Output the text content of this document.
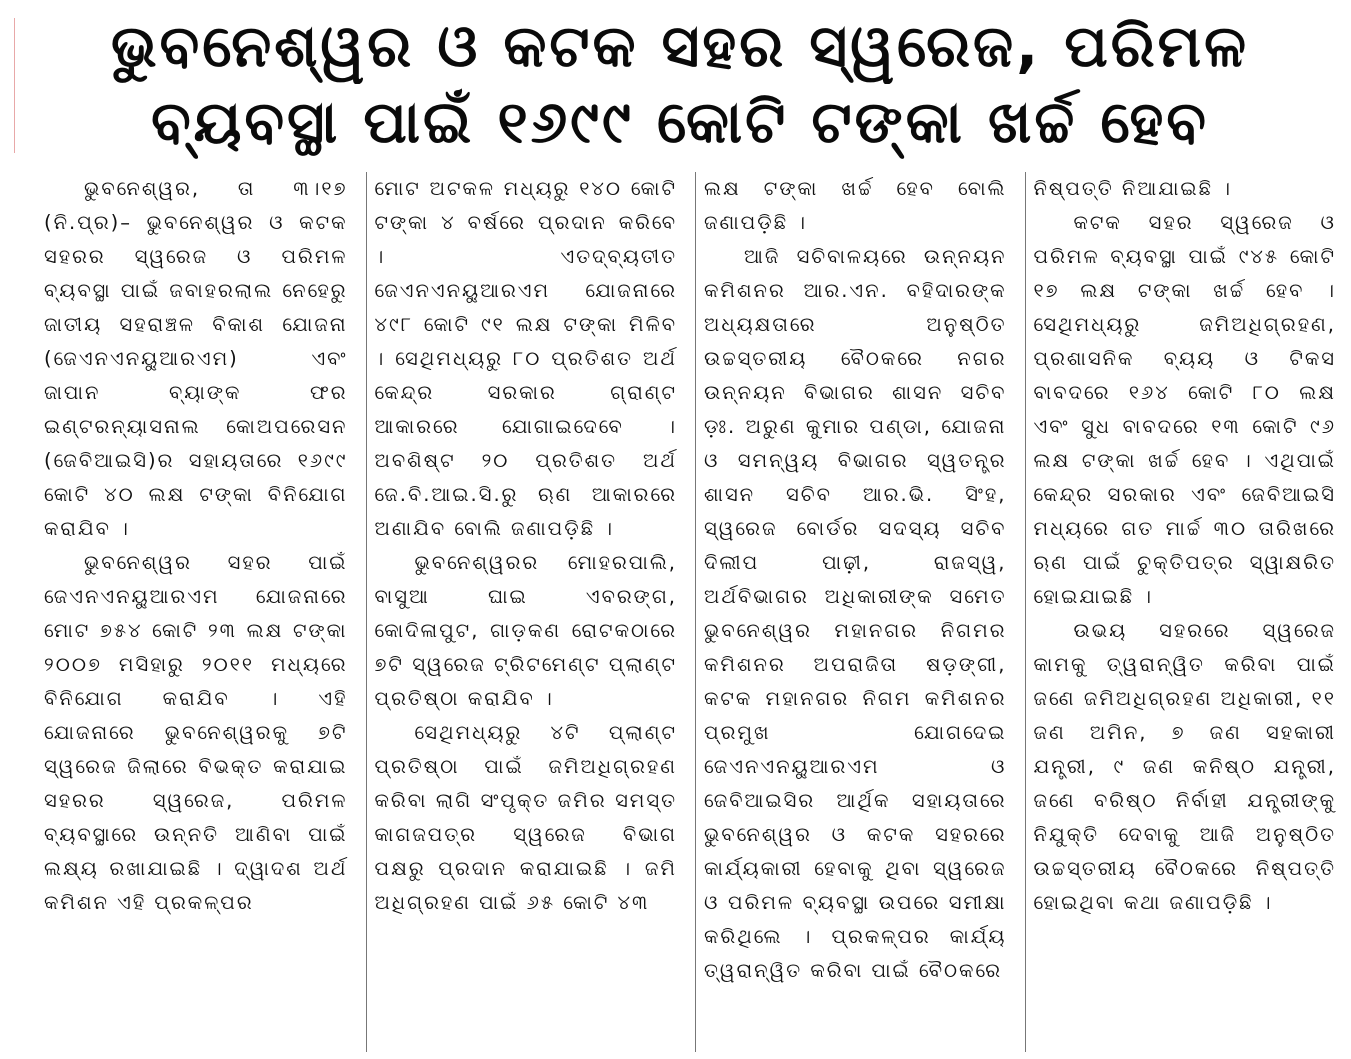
ଭୁବନେଶ୍ୱର ଓ କଟକ ସହର ସ୍ୱରେଜ, ପରିମଳ
ବ୍ୟବସ୍ଥା ପାଇଁ ୧୬୯୯ କୋଟି ଟଙ୍କା ଖର୍ଚ୍ଚ ହେବ

ଭୁବନେଶ୍ୱର, ତା ୩।୧୭ (ନି.ପ୍ର)– ଭୁବନେଶ୍ୱର ଓ କଟକ ସହରର ସ୍ୱରେଜ ଓ ପରିମଳ ବ୍ୟବସ୍ଥା ପାଇଁ ଜବାହରଲାଲ ନେହେରୁ ଜାତୀୟ ସହରାଞ୍ଚଳ ବିକାଶ ଯୋଜନା (ଜେଏନଏନୟୁଆରଏମ) ଏବଂ ଜାପାନ ବ୍ୟାଙ୍କ ଫର ଇଣ୍ଟରନ୍ୟାସନାଲ କୋଅପରେସନ (ଜେବିଆଇସି)ର ସହାୟତାରେ ୧୬୯୯ କୋଟି ୪୦ ଲକ୍ଷ ଟଙ୍କା ବିନିଯୋଗ କରାଯିବ ।

ଭୁବନେଶ୍ୱର ସହର ପାଇଁ ଜେଏନଏନୟୁଆରଏମ ଯୋଜନାରେ ମୋଟ ୭୫୪ କୋଟି ୨୩ ଲକ୍ଷ ଟଙ୍କା ୨୦୦୭ ମସିହାରୁ ୨୦୧୧ ମଧ୍ୟରେ ବିନିଯୋଗ କରାଯିବ । ଏହି ଯୋଜନାରେ ଭୁବନେଶ୍ୱରକୁ ୭ଟି ସ୍ୱରେଜ ଜିଲାରେ ବିଭକ୍ତ କରାଯାଇ ସହରର ସ୍ୱରେଜ, ପରିମଳ ବ୍ୟବସ୍ଥାରେ ଉନ୍ନତି ଆଣିବା ପାଇଁ ଲକ୍ଷ୍ୟ ରଖାଯାଇଛି । ଦ୍ୱାଦଶ ଅର୍ଥ କମିଶନ ଏହି ପ୍ରକଳ୍ପର

ମୋଟ ଅଟକଳ ମଧ୍ୟରୁ ୧୪୦ କୋଟି ଟଙ୍କା ୪ ବର୍ଷରେ ପ୍ରଦାନ କରିବେ । ଏତଦ୍‌ବ୍ୟତୀତ ଜେଏନଏନୟୁଆରଏମ ଯୋଜନାରେ ୪୯୮ କୋଟି ୯୧ ଲକ୍ଷ ଟଙ୍କା ମିଳିବ । ସେଥିମଧ୍ୟରୁ ୮୦ ପ୍ରତିଶତ ଅର୍ଥ କେନ୍ଦ୍ର ସରକାର ଗ୍ରାଣ୍ଟ ଆକାରରେ ଯୋଗାଇଦେବେ । ଅବଶିଷ୍ଟ ୨୦ ପ୍ରତିଶତ ଅର୍ଥ ଜେ.ବି.ଆଇ.ସି.ରୁ ଋଣ ଆକାରରେ ଅଣାଯିବ ବୋଲି ଜଣାପଡ଼ିଛି ।

ଭୁବନେଶ୍ୱରର ମୋହରପାଲି, ବାସୁଆ ଘାଇ ଏବରଙ୍ଗ, କୋଦିଳାପୁଟ, ଗାଡ଼କଣ ରୋଟକଠାରେ ୭ଟି ସ୍ୱରେଜ ଟ୍ରିଟମେଣ୍ଟ ପ୍ଲାଣ୍ଟ ପ୍ରତିଷ୍ଠା କରାଯିବ ।

ସେଥିମଧ୍ୟରୁ ୪ଟି ପ୍ଲାଣ୍ଟ ପ୍ରତିଷ୍ଠା ପାଇଁ ଜମିଅଧିଗ୍ରହଣ କରିବା ଲାଗି ସଂପୃକ୍ତ ଜମିର ସମସ୍ତ କାଗଜପତ୍ର ସ୍ୱରେଜ ବିଭାଗ ପକ୍ଷରୁ ପ୍ରଦାନ କରାଯାଇଛି । ଜମି ଅଧିଗ୍ରହଣ ପାଇଁ ୬୫ କୋଟି ୪୩

ଲକ୍ଷ ଟଙ୍କା ଖର୍ଚ୍ଚ ହେବ ବୋଲି ଜଣାପଡ଼ିଛି ।

ଆଜି ସଚିବାଳୟରେ ଉନ୍ନୟନ କମିଶନର ଆର.ଏନ. ବହିଦାରଙ୍କ ଅଧ୍ୟକ୍ଷତାରେ ଅନୁଷ୍ଠିତ ଉଚ୍ଚସ୍ତରୀୟ ବୈଠକରେ ନଗର ଉନ୍ନୟନ ବିଭାଗର ଶାସନ ସଚିବ ଡ଼ଃ. ଅରୁଣ କୁମାର ପଣ୍ଡା, ଯୋଜନା ଓ ସମନ୍ୱୟ ବିଭାଗର ସ୍ୱତନ୍ତ୍ର ଶାସନ ସଚିବ ଆର.ଭି. ସିଂହ, ସ୍ୱରେଜ ବୋର୍ଡର ସଦସ୍ୟ ସଚିବ ଦିଲୀପ ପାଢ଼ୀ, ରାଜସ୍ୱ, ଅର୍ଥବିଭାଗର ଅଧିକାରୀଙ୍କ ସମେତ ଭୁବନେଶ୍ୱର ମହାନଗର ନିଗମର କମିଶନର ଅପରାଜିତା ଷଡ଼ଙ୍ଗୀ, କଟକ ମହାନଗର ନିଗମ କମିଶନର ପ୍ରମୁଖ ଯୋଗଦେଇ ଜେଏନଏନୟୁଆରଏମ ଓ ଜେବିଆଇସିର ଆର୍ଥିକ ସହାୟତାରେ ଭୁବନେଶ୍ୱର ଓ କଟକ ସହରରେ କାର୍ଯ୍ୟକାରୀ ହେବାକୁ ଥିବା ସ୍ୱରେଜ ଓ ପରିମଳ ବ୍ୟବସ୍ଥା ଉପରେ ସମୀକ୍ଷା କରିଥିଲେ । ପ୍ରକଳ୍ପର କାର୍ଯ୍ୟ ତ୍ୱରାନ୍ୱିତ କରିବା ପାଇଁ ବୈଠକରେ

ନିଷ୍ପତ୍ତି ନିଆଯାଇଛି ।

କଟକ ସହର ସ୍ୱରେଜ ଓ ପରିମଳ ବ୍ୟବସ୍ଥା ପାଇଁ ୯୪୫ କୋଟି ୧୭ ଲକ୍ଷ ଟଙ୍କା ଖର୍ଚ୍ଚ ହେବ । ସେଥିମଧ୍ୟରୁ ଜମିଅଧିଗ୍ରହଣ, ପ୍ରଶାସନିକ ବ୍ୟୟ ଓ ଟିକସ ବାବଦରେ ୧୬୪ କୋଟି ୮୦ ଲକ୍ଷ ଏବଂ ସୁଧ ବାବଦରେ ୧୩ କୋଟି ୯୬ ଲକ୍ଷ ଟଙ୍କା ଖର୍ଚ୍ଚ ହେବ । ଏଥିପାଇଁ କେନ୍ଦ୍ର ସରକାର ଏବଂ ଜେବିଆଇସି ମଧ୍ୟରେ ଗତ ମାର୍ଚ୍ଚ ୩୦ ତାରିଖରେ ଋଣ ପାଇଁ ଚୁକ୍ତିପତ୍ର ସ୍ୱାକ୍ଷରିତ ହୋଇଯାଇଛି ।

ଉଭୟ ସହରରେ ସ୍ୱରେଜ କାମକୁ ତ୍ୱରାନ୍ୱିତ କରିବା ପାଇଁ ଜଣେ ଜମିଅଧିଗ୍ରହଣ ଅଧିକାରୀ, ୧୧ ଜଣ ଅମିନ, ୭ ଜଣ ସହକାରୀ ଯନ୍ତ୍ରୀ, ୯ ଜଣ କନିଷ୍ଠ ଯନ୍ତ୍ରୀ, ଜଣେ ବରିଷ୍ଠ ନିର୍ବାହୀ ଯନ୍ତ୍ରୀଙ୍କୁ ନିଯୁକ୍ତି ଦେବାକୁ ଆଜି ଅନୁଷ୍ଠିତ ଉଚ୍ଚସ୍ତରୀୟ ବୈଠକରେ ନିଷ୍ପତ୍ତି ହୋଇଥିବା କଥା ଜଣାପଡ଼ିଛି ।
